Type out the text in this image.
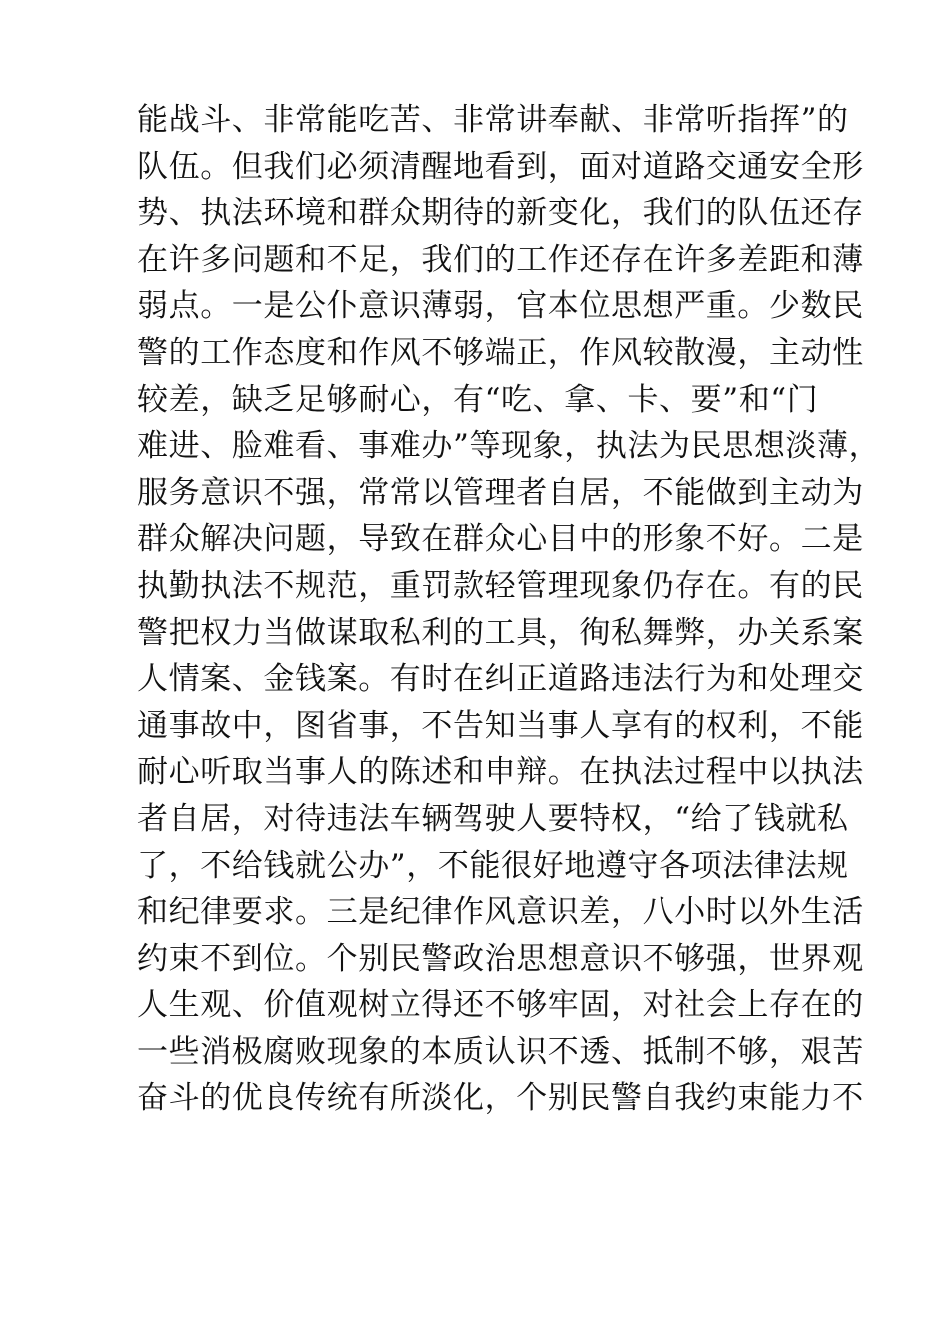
能战斗、非常能吃苦、非常讲奉献、非常听指挥”的
队伍。但我们必须清醒地看到，面对道路交通安全形
势、执法环境和群众期待的新变化，我们的队伍还存
在许多问题和不足，我们的工作还存在许多差距和薄
弱点。一是公仆意识薄弱，官本位思想严重。少数民
警的工作态度和作风不够端正，作风较散漫，主动性
较差，缺乏足够耐心，有“吃、拿、卡、要”和“门
难进、脸难看、事难办”等现象，执法为民思想淡薄，
服务意识不强，常常以管理者自居，不能做到主动为
群众解决问题，导致在群众心目中的形象不好。二是
执勤执法不规范，重罚款轻管理现象仍存在。有的民
警把权力当做谋取私利的工具，徇私舞弊，办关系案
人情案、金钱案。有时在纠正道路违法行为和处理交
通事故中，图省事，不告知当事人享有的权利，不能
耐心听取当事人的陈述和申辩。在执法过程中以执法
者自居，对待违法车辆驾驶人要特权，“给了钱就私
了，不给钱就公办”，不能很好地遵守各项法律法规
和纪律要求。三是纪律作风意识差，八小时以外生活
约束不到位。个别民警政治思想意识不够强，世界观
人生观、价值观树立得还不够牢固，对社会上存在的
一些消极腐败现象的本质认识不透、抵制不够，艰苦
奋斗的优良传统有所淡化，个别民警自我约束能力不
